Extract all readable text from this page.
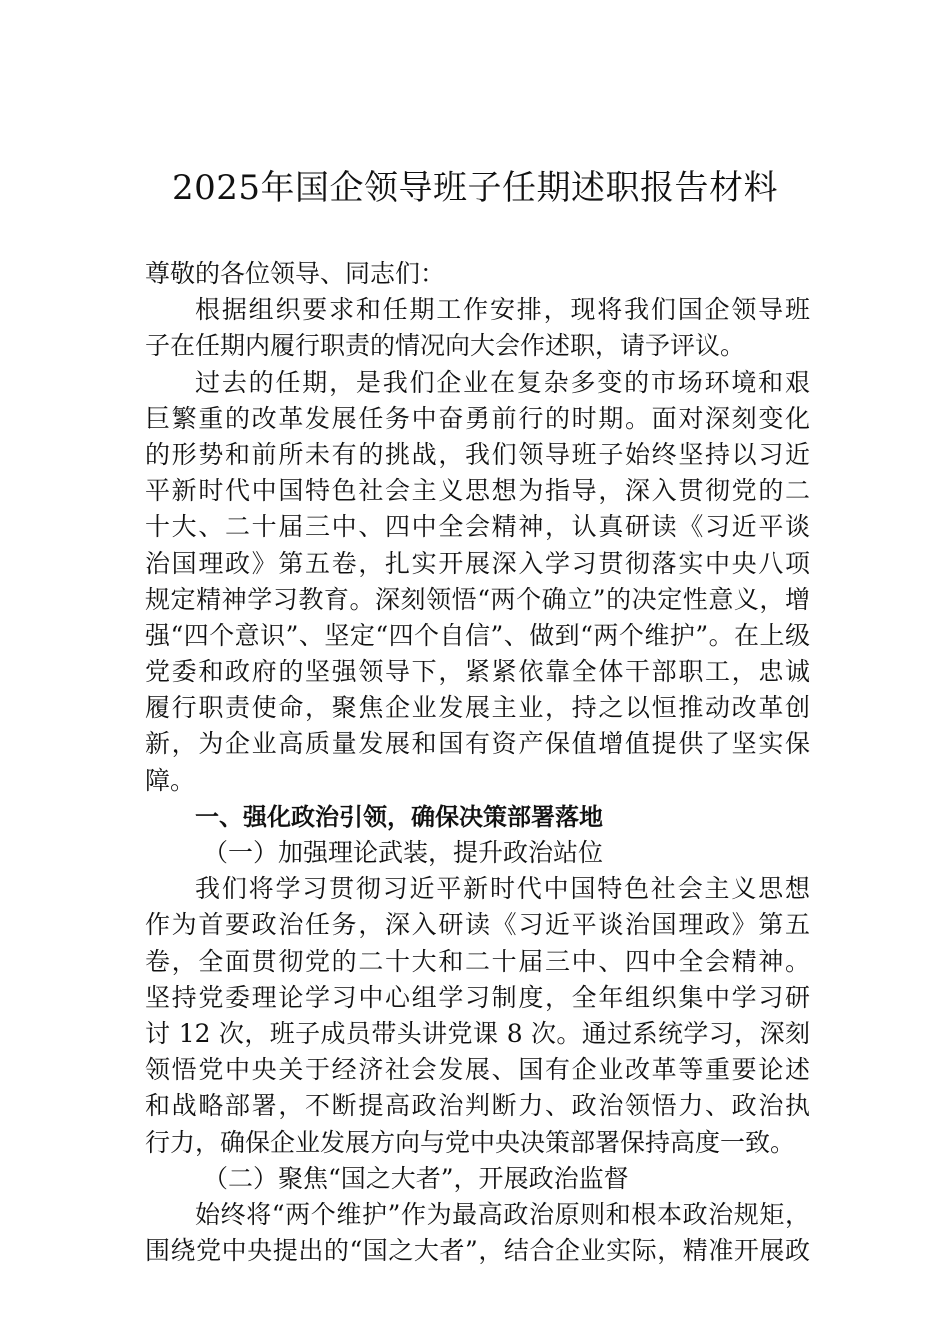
2025年国企领导班子任期述职报告材料
尊敬的各位领导、同志们：
根据组织要求和任期工作安排，现将我们国企领导班
子在任期内履行职责的情况向大会作述职，请予评议。
过去的任期，是我们企业在复杂多变的市场环境和艰
巨繁重的改革发展任务中奋勇前行的时期。面对深刻变化
的形势和前所未有的挑战，我们领导班子始终坚持以习近
平新时代中国特色社会主义思想为指导，深入贯彻党的二
十大、二十届三中、四中全会精神，认真研读《习近平谈
治国理政》第五卷，扎实开展深入学习贯彻落实中央八项
规定精神学习教育。深刻领悟“两个确立”的决定性意义，增
强“四个意识”、坚定“四个自信”、做到“两个维护”。在上级
党委和政府的坚强领导下，紧紧依靠全体干部职工，忠诚
履行职责使命，聚焦企业发展主业，持之以恒推动改革创
新，为企业高质量发展和国有资产保值增值提供了坚实保
障。
一、强化政治引领，确保决策部署落地
（一）加强理论武装，提升政治站位
我们将学习贯彻习近平新时代中国特色社会主义思想
作为首要政治任务，深入研读《习近平谈治国理政》第五
卷，全面贯彻党的二十大和二十届三中、四中全会精神。
坚持党委理论学习中心组学习制度，全年组织集中学习研
讨 12 次，班子成员带头讲党课 8 次。通过系统学习，深刻
领悟党中央关于经济社会发展、国有企业改革等重要论述
和战略部署，不断提高政治判断力、政治领悟力、政治执
行力，确保企业发展方向与党中央决策部署保持高度一致。
（二）聚焦“国之大者”，开展政治监督
始终将“两个维护”作为最高政治原则和根本政治规矩，
围绕党中央提出的“国之大者”，结合企业实际，精准开展政
